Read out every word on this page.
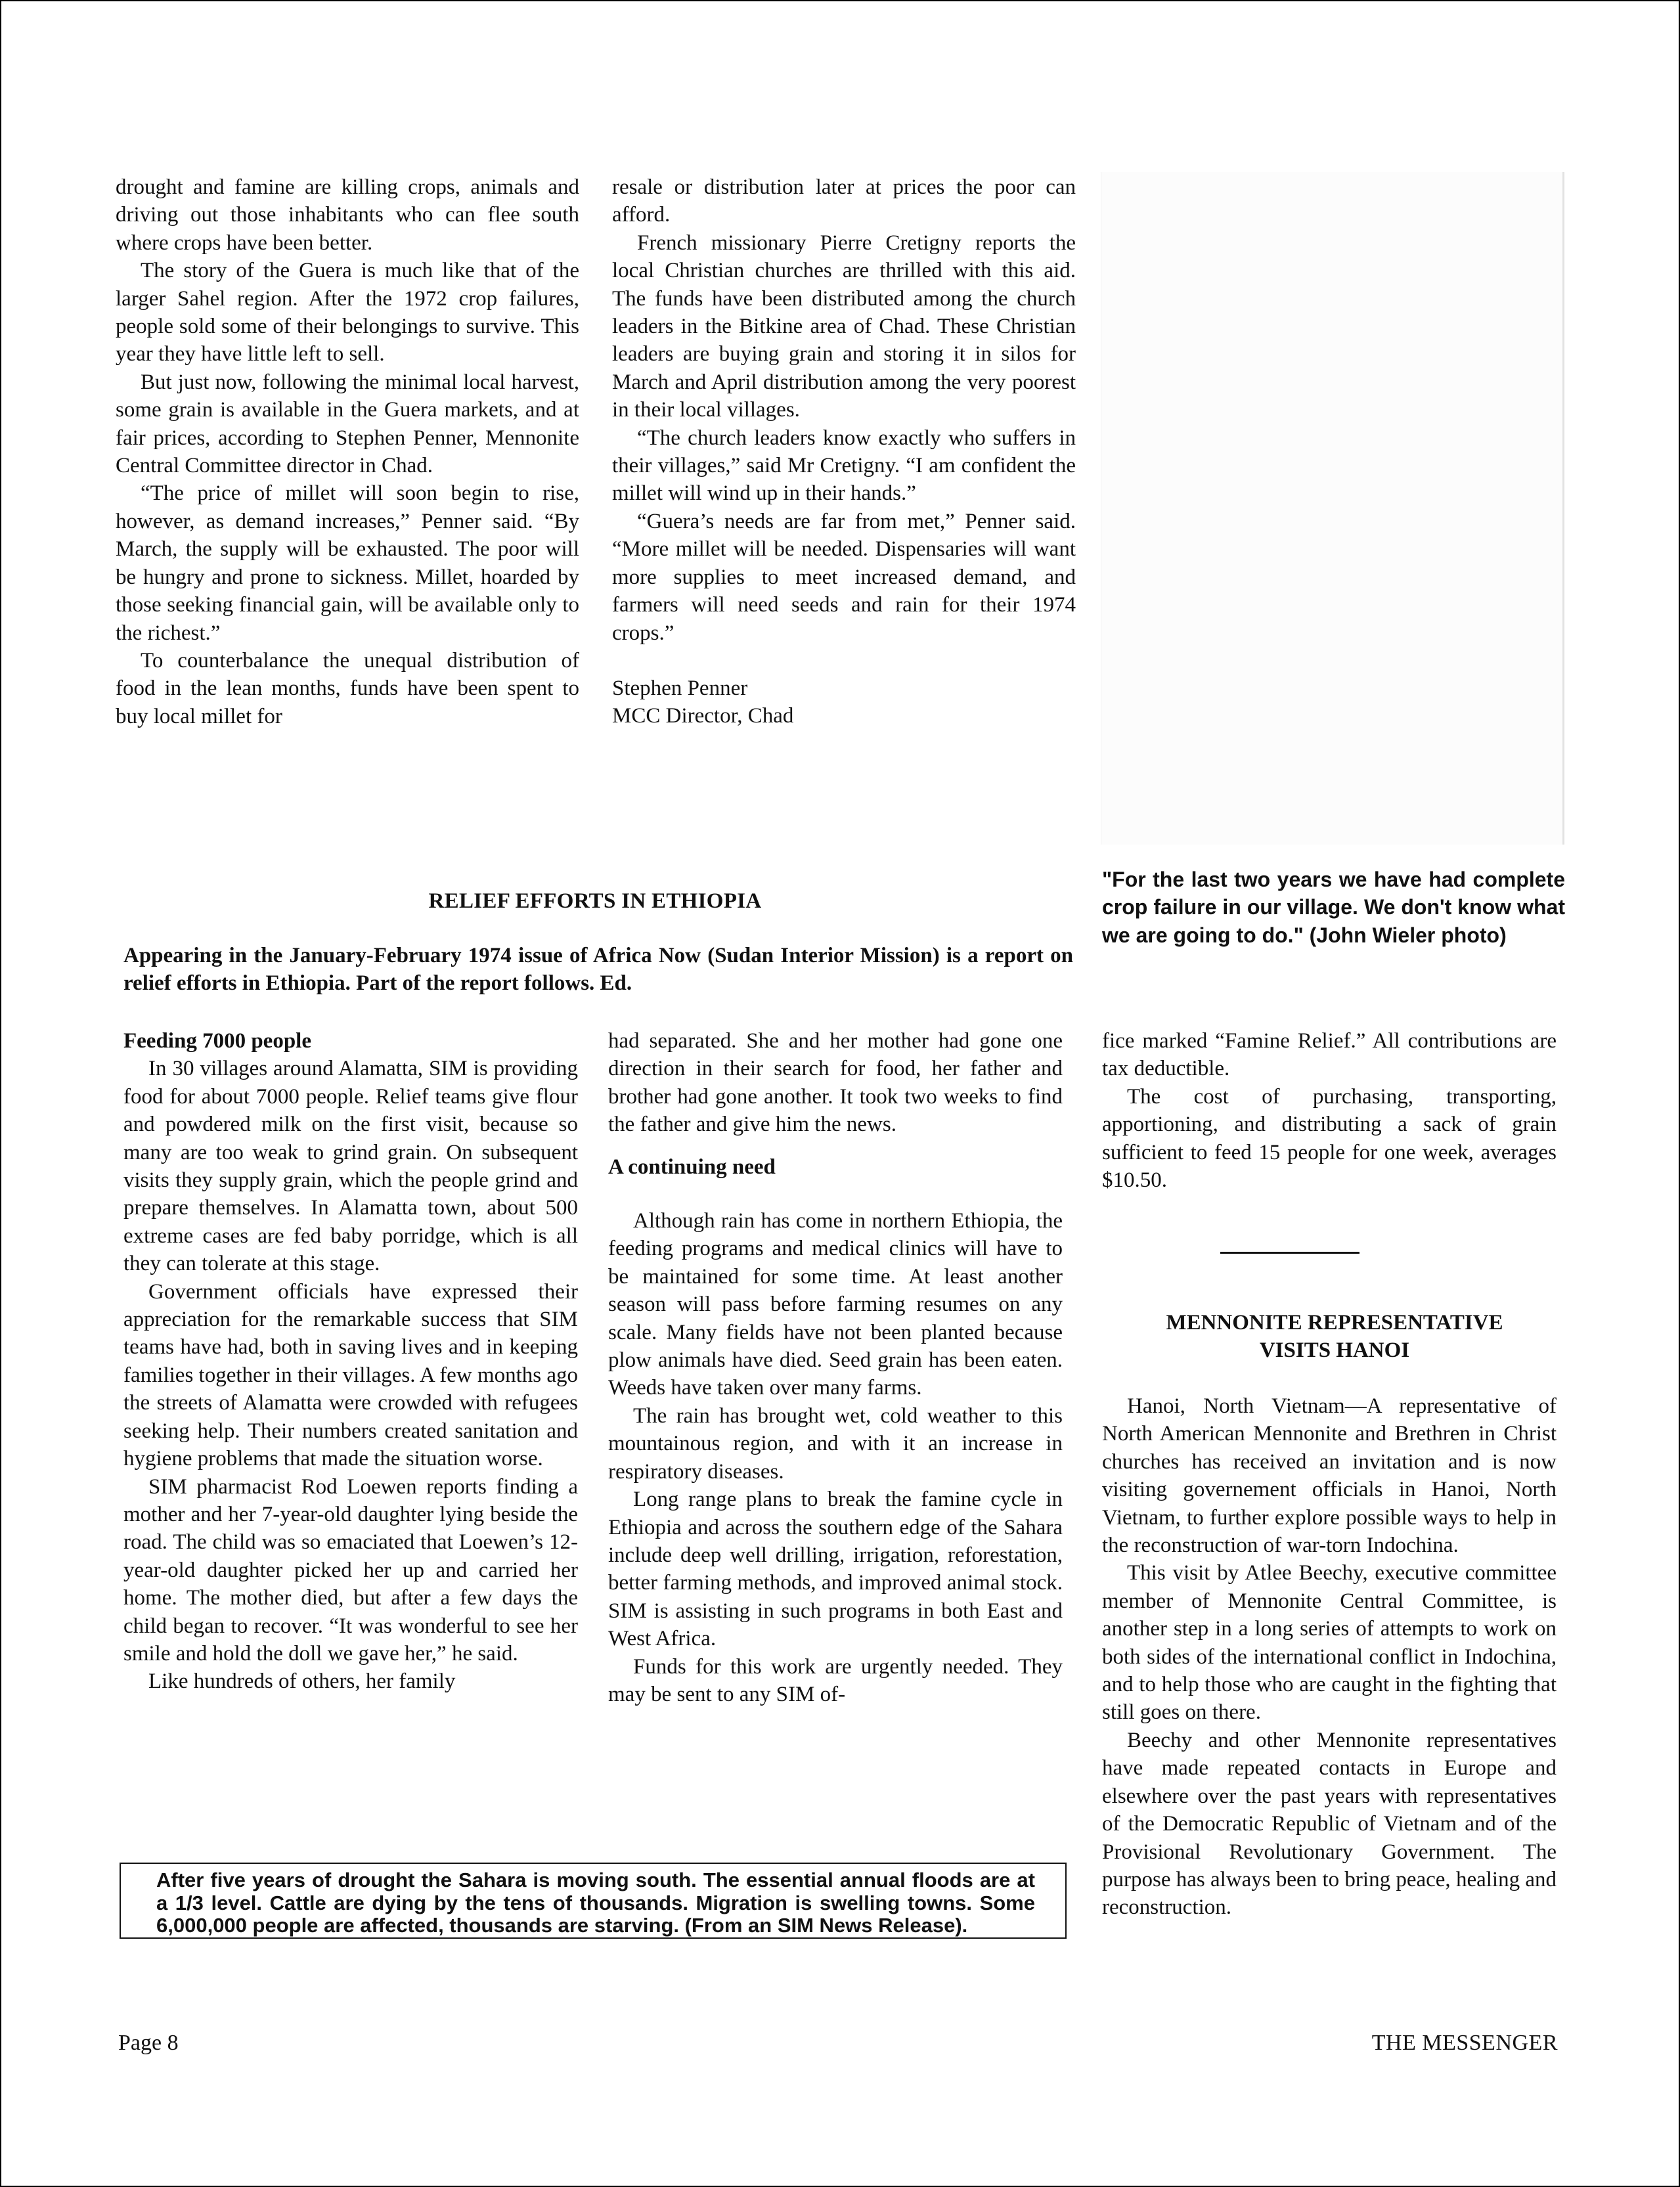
drought and famine are killing crops, animals and driving out those inhabitants who can flee south where crops have been better.

The story of the Guera is much like that of the larger Sahel region. After the 1972 crop failures, people sold some of their belongings to survive. This year they have little left to sell.

But just now, following the minimal local harvest, some grain is available in the Guera markets, and at fair prices, according to Stephen Penner, Mennonite Central Committee director in Chad.

“The price of millet will soon begin to rise, however, as demand increases,” Penner said. “By March, the supply will be exhausted. The poor will be hungry and prone to sickness. Millet, hoarded by those seeking financial gain, will be available only to the richest.”

To counterbalance the unequal distribution of food in the lean months, funds have been spent to buy local millet for

resale or distribution later at prices the poor can afford.

French missionary Pierre Cretigny reports the local Christian churches are thrilled with this aid. The funds have been distributed among the church leaders in the Bitkine area of Chad. These Christian leaders are buying grain and storing it in silos for March and April distribution among the very poorest in their local villages.

“The church leaders know exactly who suffers in their villages,” said Mr Cretigny. “I am confident the millet will wind up in their hands.”

“Guera’s needs are far from met,” Penner said. “More millet will be needed. Dispensaries will want more supplies to meet increased demand, and farmers will need seeds and rain for their 1974 crops.”

Stephen Penner

MCC Director, Chad

"For the last two years we have had complete crop failure in our village. We don't know what we are going to do." (John Wieler photo)
RELIEF EFFORTS IN ETHIOPIA
Appearing in the January-February 1974 issue of Africa Now (Sudan Interior Mission) is a report on relief efforts in Ethiopia. Part of the report follows. Ed.
Feeding 7000 people

In 30 villages around Alamatta, SIM is providing food for about 7000 people. Relief teams give flour and powdered milk on the first visit, because so many are too weak to grind grain. On subsequent visits they supply grain, which the people grind and prepare themselves. In Alamatta town, about 500 extreme cases are fed baby porridge, which is all they can tolerate at this stage.

Government officials have expressed their appreciation for the remarkable success that SIM teams have had, both in saving lives and in keeping families together in their villages. A few months ago the streets of Alamatta were crowded with refugees seeking help. Their numbers created sanitation and hygiene problems that made the situation worse.

SIM pharmacist Rod Loewen reports finding a mother and her 7-year-old daughter lying beside the road. The child was so emaciated that Loewen’s 12-year-old daughter picked her up and carried her home. The mother died, but after a few days the child began to recover. “It was wonderful to see her smile and hold the doll we gave her,” he said.

Like hundreds of others, her family

had separated. She and her mother had gone one direction in their search for food, her father and brother had gone another. It took two weeks to find the father and give him the news.

A continuing need

Although rain has come in northern Ethiopia, the feeding programs and medical clinics will have to be maintained for some time. At least another season will pass before farming resumes on any scale. Many fields have not been planted because plow animals have died. Seed grain has been eaten. Weeds have taken over many farms.

The rain has brought wet, cold weather to this mountainous region, and with it an increase in respiratory diseases.

Long range plans to break the famine cycle in Ethiopia and across the southern edge of the Sahara include deep well drilling, irrigation, reforestation, better farming methods, and improved animal stock. SIM is assisting in such programs in both East and West Africa.

Funds for this work are urgently needed. They may be sent to any SIM of-

fice marked “Famine Relief.” All contributions are tax deductible.

The cost of purchasing, transporting, apportioning, and distributing a sack of grain sufficient to feed 15 people for one week, averages $10.50.

MENNONITE REPRESENTATIVE
VISITS HANOI

Hanoi, North Vietnam—A representative of North American Mennonite and Brethren in Christ churches has received an invitation and is now visiting governement officials in Hanoi, North Vietnam, to further explore possible ways to help in the reconstruction of war-torn Indochina.

This visit by Atlee Beechy, executive committee member of Mennonite Central Committee, is another step in a long series of attempts to work on both sides of the international conflict in Indochina, and to help those who are caught in the fighting that still goes on there.

Beechy and other Mennonite representatives have made repeated contacts in Europe and elsewhere over the past years with representatives of the Democratic Republic of Vietnam and of the Provisional Revolutionary Government. The purpose has always been to bring peace, healing and reconstruction.

After five years of drought the Sahara is moving south. The essential annual floods are at a 1/3 level. Cattle are dying by the tens of thousands. Migration is swelling towns. Some 6,000,000 people are affected, thousands are starving. (From an SIM News Release).
Page 8	THE MESSENGER
